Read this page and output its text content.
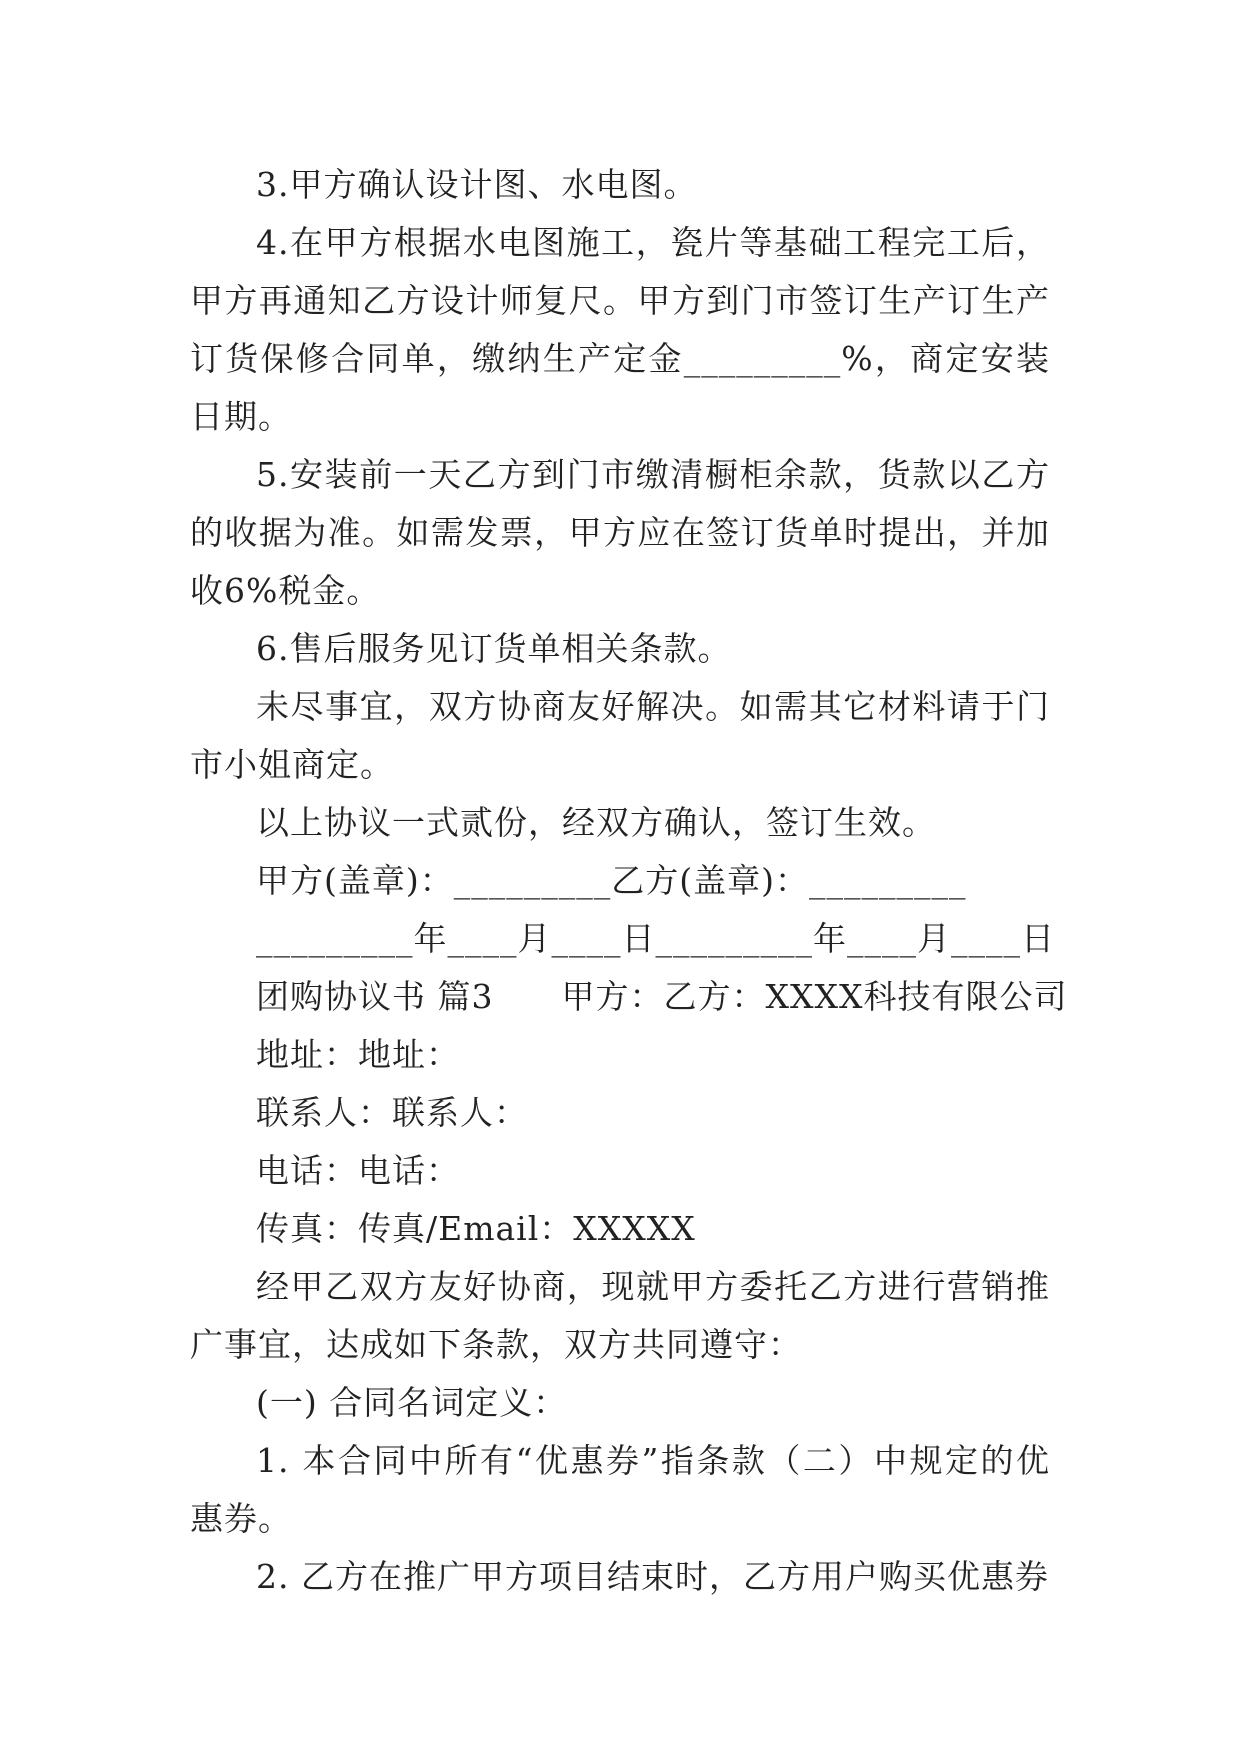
3.甲方确认设计图、水电图。

4.在甲方根据水电图施工，瓷片等基础工程完工后，甲方再通知乙方设计师复尺。甲方到门市签订生产订生产订货保修合同单，缴纳生产定金_________%，商定安装日期。

5.安装前一天乙方到门市缴清橱柜余款，货款以乙方的收据为准。如需发票，甲方应在签订货单时提出，并加收6%税金。

6.售后服务见订货单相关条款。

未尽事宜，双方协商友好解决。如需其它材料请于门市小姐商定。

以上协议一式贰份，经双方确认，签订生效。

甲方(盖章)：_________乙方(盖章)：_________

_________年____月____日_________年____月____日

团购协议书 篇3　　甲方：乙方：XXXX科技有限公司

地址：地址：

联系人：联系人：

电话：电话：

传真：传真/Email：XXXXX

经甲乙双方友好协商，现就甲方委托乙方进行营销推广事宜，达成如下条款，双方共同遵守：

(一) 合同名词定义：

1. 本合同中所有“优惠券”指条款（二）中规定的优惠券。

2. 乙方在推广甲方项目结束时，乙方用户购买优惠券
